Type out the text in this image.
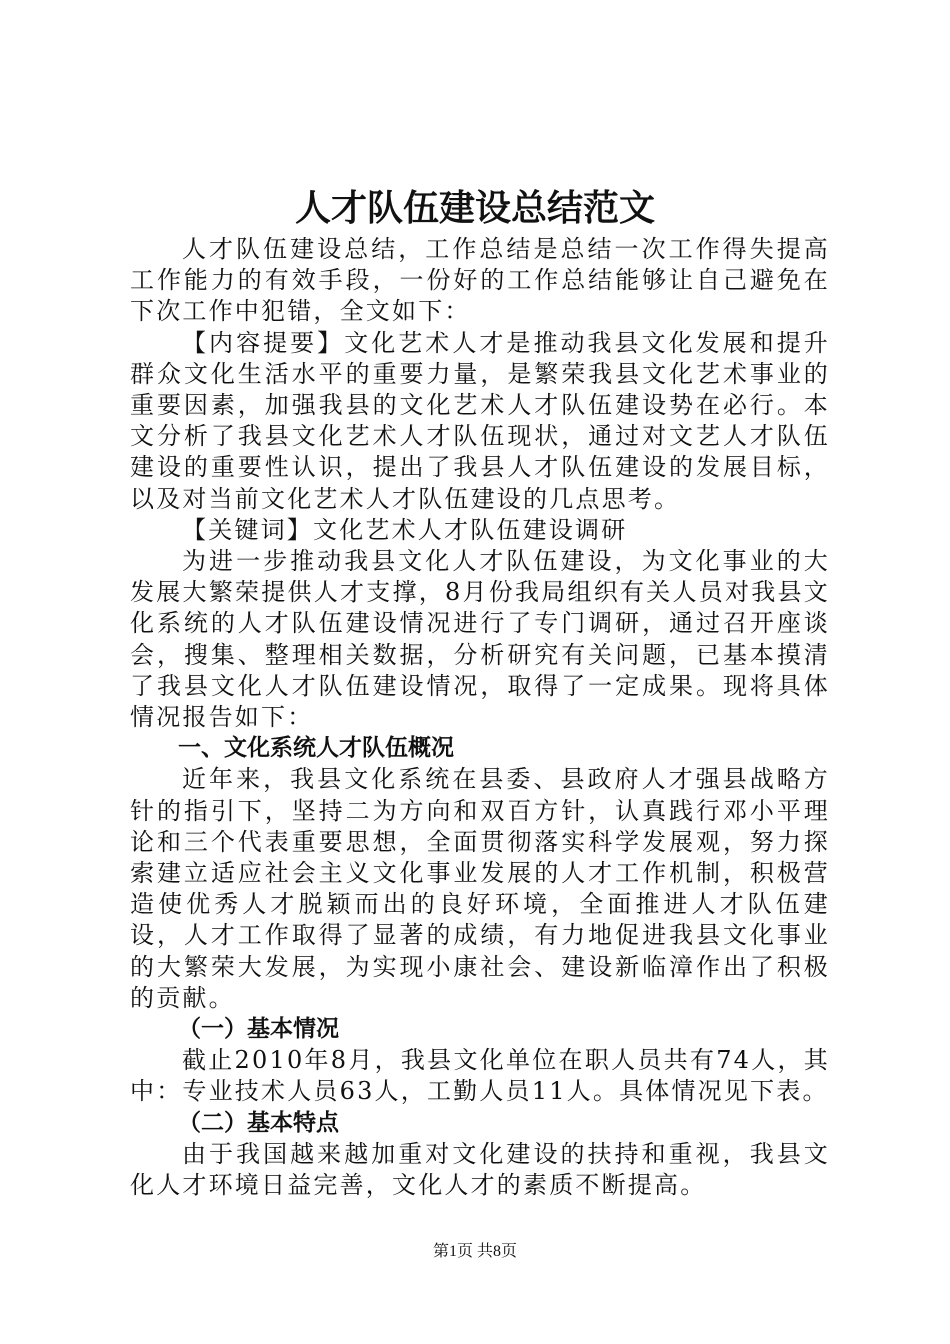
人才队伍建设总结范文

人才队伍建设总结，工作总结是总结一次工作得失提高工作能力的有效手段，一份好的工作总结能够让自己避免在下次工作中犯错，全文如下：

【内容提要】文化艺术人才是推动我县文化发展和提升群众文化生活水平的重要力量，是繁荣我县文化艺术事业的重要因素，加强我县的文化艺术人才队伍建设势在必行。本文分析了我县文化艺术人才队伍现状，通过对文艺人才队伍建设的重要性认识，提出了我县人才队伍建设的发展目标，以及对当前文化艺术人才队伍建设的几点思考。

【关键词】文化艺术人才队伍建设调研

为进一步推动我县文化人才队伍建设，为文化事业的大发展大繁荣提供人才支撑，8月份我局组织有关人员对我县文化系统的人才队伍建设情况进行了专门调研，通过召开座谈会，搜集、整理相关数据，分析研究有关问题，已基本摸清了我县文化人才队伍建设情况，取得了一定成果。现将具体情况报告如下：

一、文化系统人才队伍概况

近年来，我县文化系统在县委、县政府人才强县战略方针的指引下，坚持二为方向和双百方针，认真践行邓小平理论和三个代表重要思想，全面贯彻落实科学发展观，努力探索建立适应社会主义文化事业发展的人才工作机制，积极营造使优秀人才脱颖而出的良好环境，全面推进人才队伍建设，人才工作取得了显著的成绩，有力地促进我县文化事业的大繁荣大发展，为实现小康社会、建设新临漳作出了积极的贡献。

（一）基本情况

截止2010年8月，我县文化单位在职人员共有74人，其中：专业技术人员63人，工勤人员11人。具体情况见下表。

（二）基本特点

由于我国越来越加重对文化建设的扶持和重视，我县文化人才环境日益完善，文化人才的素质不断提高。

第1页 共8页
